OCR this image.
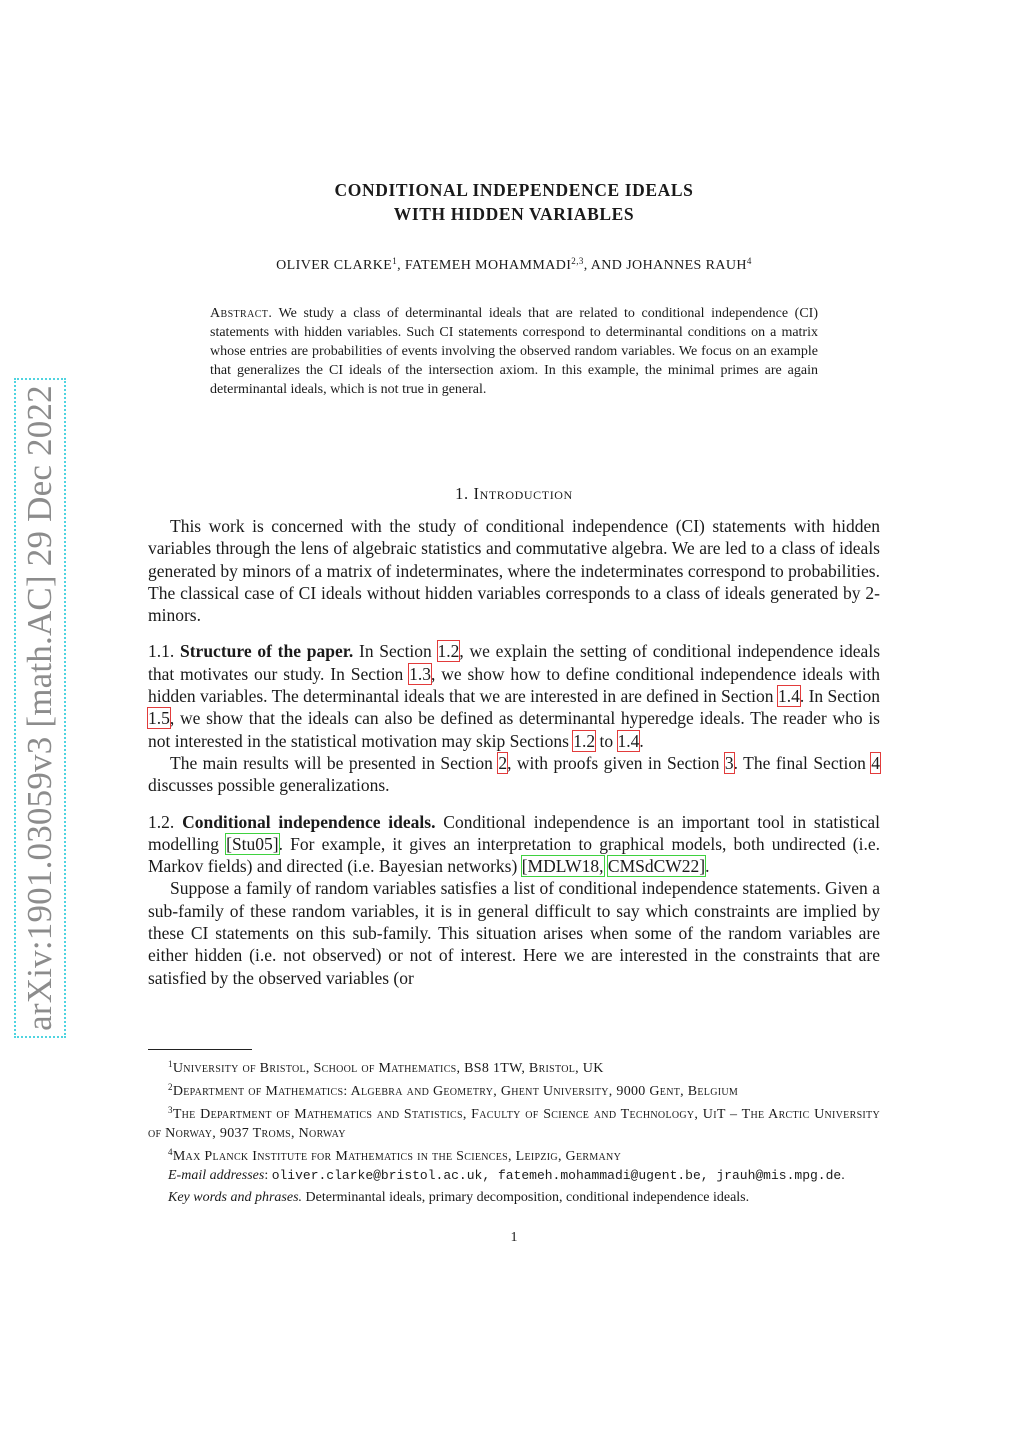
arXiv:1901.03059v3 [math.AC] 29 Dec 2022
CONDITIONAL INDEPENDENCE IDEALS
WITH HIDDEN VARIABLES
OLIVER CLARKE$^1$, FATEMEH MOHAMMADI$^{2,3}$, AND JOHANNES RAUH$^4$
Abstract. We study a class of determinantal ideals that are related to conditional independence (CI) statements with hidden variables. Such CI statements correspond to determinantal conditions on a matrix whose entries are probabilities of events involving the observed random variables. We focus on an example that generalizes the CI ideals of the intersection axiom. In this example, the minimal primes are again determinantal ideals, which is not true in general.
1. Introduction

This work is concerned with the study of conditional independence (CI) statements with hidden variables through the lens of algebraic statistics and commutative algebra. We are led to a class of ideals generated by minors of a matrix of indeterminates, where the indeterminates correspond to probabilities. The classical case of CI ideals without hidden variables corresponds to a class of ideals generated by 2-minors.

1.1. Structure of the paper. In Section 1.2, we explain the setting of conditional independence ideals that motivates our study. In Section 1.3, we show how to define conditional independence ideals with hidden variables. The determinantal ideals that we are interested in are defined in Section 1.4. In Section 1.5, we show that the ideals can also be defined as determinantal hyperedge ideals. The reader who is not interested in the statistical motivation may skip Sections 1.2 to 1.4.

The main results will be presented in Section 2, with proofs given in Section 3. The final Section 4 discusses possible generalizations.

1.2. Conditional independence ideals. Conditional independence is an important tool in statistical modelling [Stu05]. For example, it gives an interpretation to graphical models, both undirected (i.e. Markov fields) and directed (i.e. Bayesian networks) [MDLW18, CMSdCW22].

Suppose a family of random variables satisfies a list of conditional independence statements. Given a sub-family of these random variables, it is in general difficult to say which constraints are implied by these CI statements on this sub-family. This situation arises when some of the random variables are either hidden (i.e. not observed) or not of interest. Here we are interested in the constraints that are satisfied by the observed variables (or

$^1$University of Bristol, School of Mathematics, BS8 1TW, Bristol, UK

$^2$Department of Mathematics: Algebra and Geometry, Ghent University, 9000 Gent, Belgium

$^3$The Department of Mathematics and Statistics, Faculty of Science and Technology, UiT – The Arctic University of Norway, 9037 Troms, Norway

$^4$Max Planck Institute for Mathematics in the Sciences, Leipzig, Germany

E-mail addresses: oliver.clarke@bristol.ac.uk, fatemeh.mohammadi@ugent.be, jrauh@mis.mpg.de.

Key words and phrases. Determinantal ideals, primary decomposition, conditional independence ideals.

1
